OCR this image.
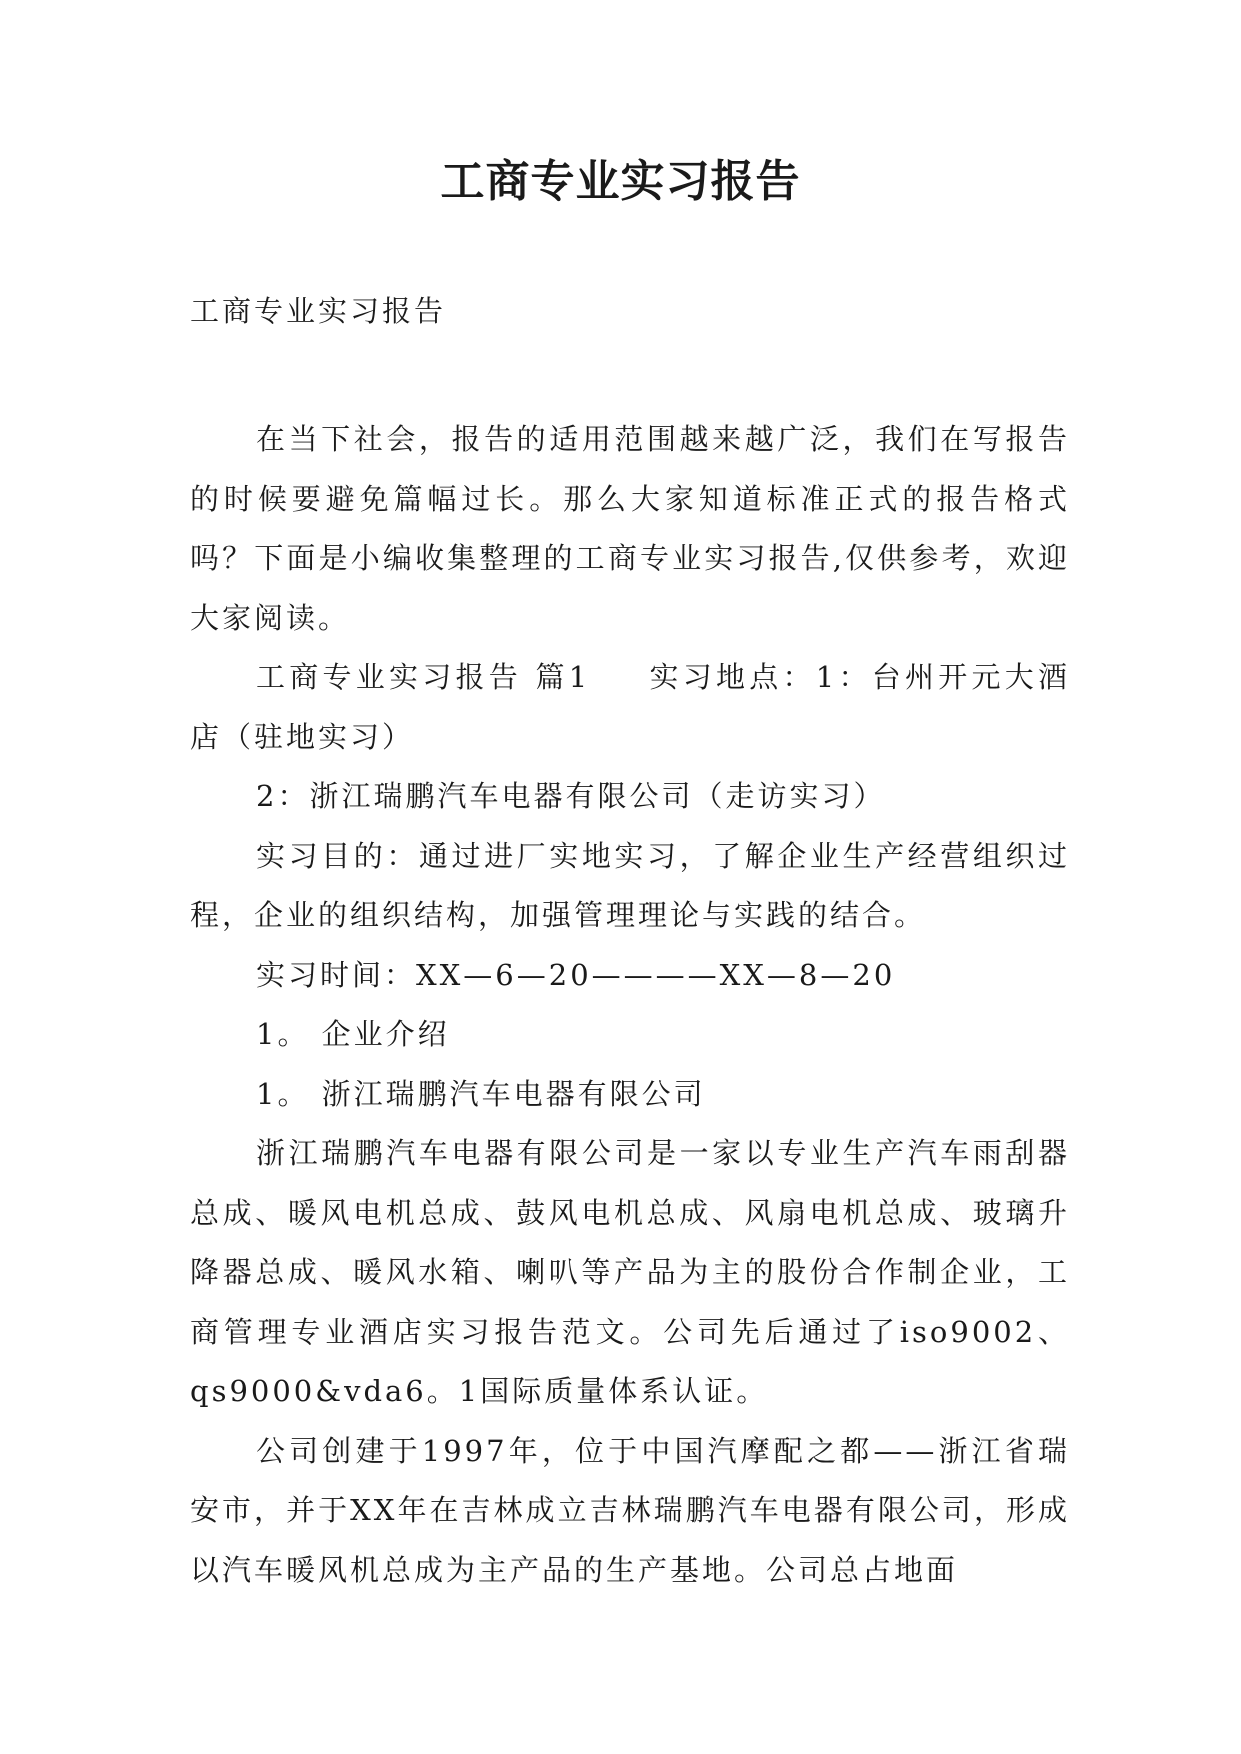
工商专业实习报告
工商专业实习报告

在当下社会，报告的适用范围越来越广泛，我们在写报告的时候要避免篇幅过长。那么大家知道标准正式的报告格式吗？下面是小编收集整理的工商专业实习报告,仅供参考，欢迎大家阅读。

工商专业实习报告 篇1 实习地点：1：台州开元大酒店（驻地实习）

2：浙江瑞鹏汽车电器有限公司（走访实习）

实习目的：通过进厂实地实习，了解企业生产经营组织过程，企业的组织结构，加强管理理论与实践的结合。

实习时间：XX—6—20————XX—8—20

1。 企业介绍

1。 浙江瑞鹏汽车电器有限公司

浙江瑞鹏汽车电器有限公司是一家以专业生产汽车雨刮器总成、暖风电机总成、鼓风电机总成、风扇电机总成、玻璃升降器总成、暖风水箱、喇叭等产品为主的股份合作制企业，工商管理专业酒店实习报告范文。公司先后通过了iso9002、qs9000&vda6。1国际质量体系认证。

公司创建于1997年，位于中国汽摩配之都——浙江省瑞安市，并于XX年在吉林成立吉林瑞鹏汽车电器有限公司，形成以汽车暖风机总成为主产品的生产基地。公司总占地面
